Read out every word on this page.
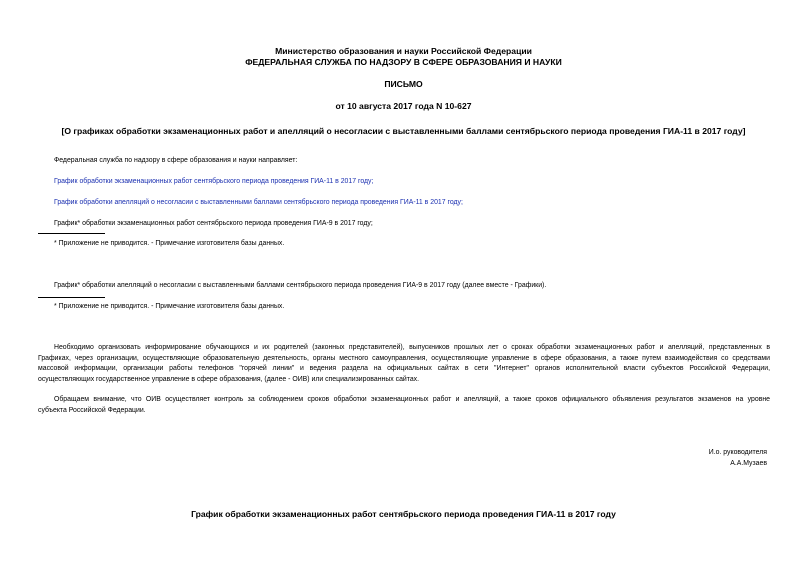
Министерство образования и науки Российской Федерации
ФЕДЕРАЛЬНАЯ СЛУЖБА ПО НАДЗОРУ В СФЕРЕ ОБРАЗОВАНИЯ И НАУКИ
ПИСЬМО
от 10 августа 2017 года N 10-627
[О графиках обработки экзаменационных работ и апелляций о несогласии с выставленными баллами сентябрьского периода проведения ГИА-11 в 2017 году]
Федеральная служба по надзору в сфере образования и науки направляет:
График обработки экзаменационных работ сентябрьского периода проведения ГИА-11 в 2017 году;
График обработки апелляций о несогласии с выставленными баллами сентябрьского периода проведения ГИА-11 в 2017 году;
График* обработки экзаменационных работ сентябрьского периода проведения ГИА-9 в 2017 году;
* Приложение не приводится. - Примечание изготовителя базы данных.
График* обработки апелляций о несогласии с выставленными баллами сентябрьского периода проведения ГИА-9 в 2017 году (далее вместе - Графики).
* Приложение не приводится. - Примечание изготовителя базы данных.
Необходимо организовать информирование обучающихся и их родителей (законных представителей), выпускников прошлых лет о сроках обработки экзаменационных работ и апелляций, представленных в
Графиках, через организации, осуществляющие образовательную деятельность, органы местного самоуправления, осуществляющие управление в сфере образования, а также путем взаимодействия со средствами
массовой информации, организации работы телефонов "горячей линии" и ведения раздела на официальных сайтах в сети "Интернет" органов исполнительной власти субъектов Российской Федерации,
осуществляющих государственное управление в сфере образования, (далее - ОИВ) или специализированных сайтах.
Обращаем внимание, что ОИВ осуществляет контроль за соблюдением сроков обработки экзаменационных работ и апелляций, а также сроков официального объявления результатов экзаменов на уровне
субъекта Российской Федерации.
И.о. руководителя
А.А.Музаев
График обработки экзаменационных работ сентябрьского периода проведения ГИА-11 в 2017 году
